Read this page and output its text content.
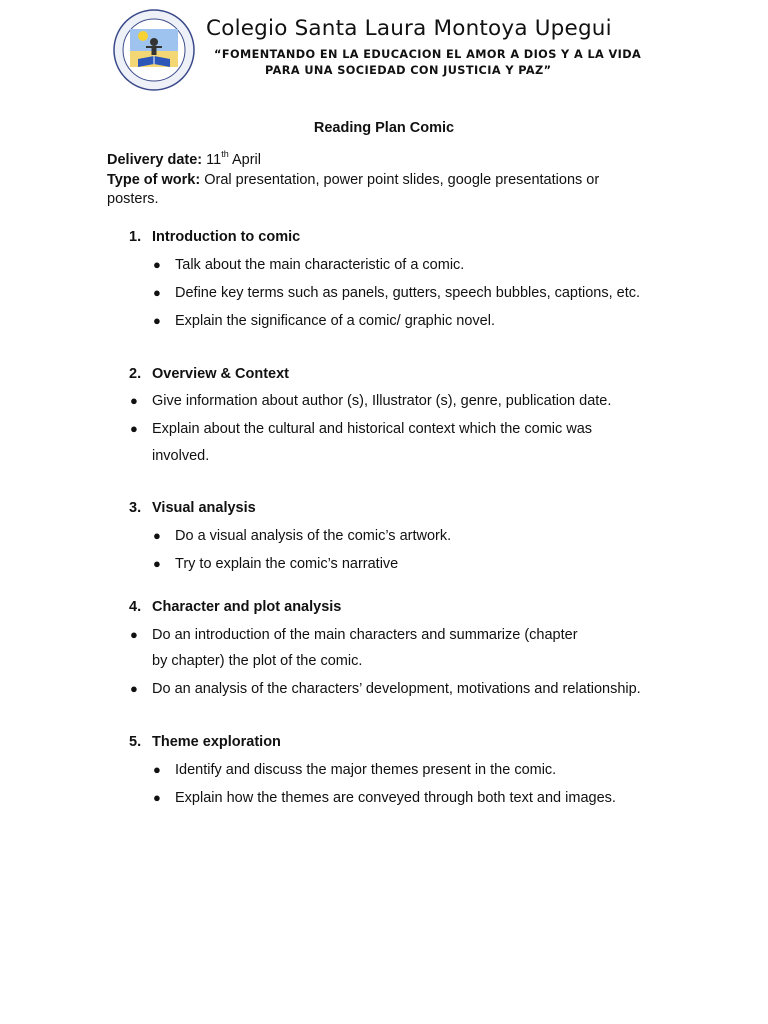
Colegio Santa Laura Montoya Upegui
“FOMENTANDO EN LA EDUCACION EL AMOR A DIOS Y A LA VIDA
PARA UNA SOCIEDAD CON JUSTICIA Y PAZ”
Reading Plan Comic
Delivery date: 11th April
Type of work: Oral presentation, power point slides, google presentations or
posters.
1. Introduction to comic
● Talk about the main characteristic of a comic.
● Define key terms such as panels, gutters, speech bubbles, captions, etc.
● Explain the significance of a comic/ graphic novel.
2. Overview & Context
● Give information about author (s), Illustrator (s), genre, publication date.
● Explain about the cultural and historical context which the comic was
involved.
3. Visual analysis
● Do a visual analysis of the comic’s artwork.
● Try to explain the comic’s narrative
4. Character and plot analysis
● Do an introduction of the main characters and summarize (chapter
by chapter) the plot of the comic.
● Do an analysis of the characters’ development, motivations and relationship.
5. Theme exploration
● Identify and discuss the major themes present in the comic.
● Explain how the themes are conveyed through both text and images.
